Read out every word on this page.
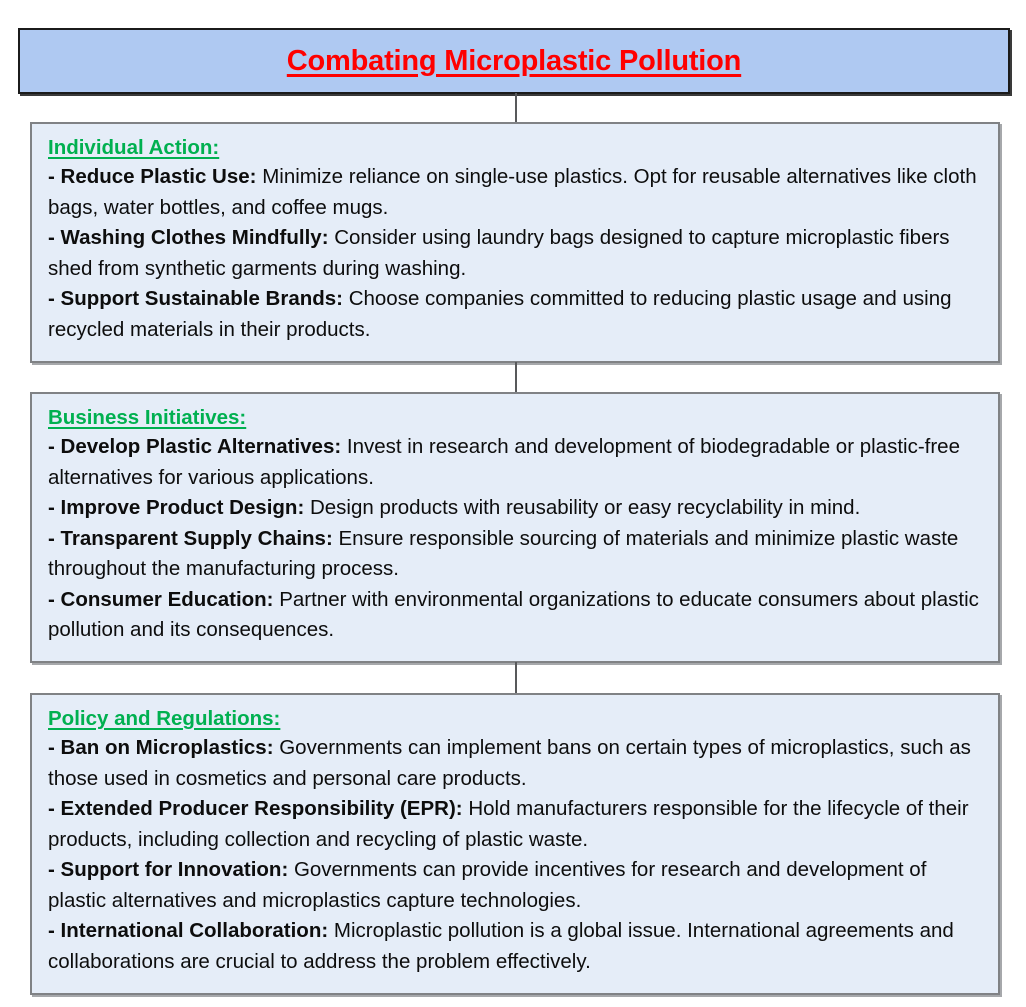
Combating Microplastic Pollution
Individual Action:
- Reduce Plastic Use: Minimize reliance on single-use plastics. Opt for reusable alternatives like cloth bags, water bottles, and coffee mugs.
- Washing Clothes Mindfully: Consider using laundry bags designed to capture microplastic fibers shed from synthetic garments during washing.
- Support Sustainable Brands: Choose companies committed to reducing plastic usage and using recycled materials in their products.
Business Initiatives:
- Develop Plastic Alternatives: Invest in research and development of biodegradable or plastic-free alternatives for various applications.
- Improve Product Design: Design products with reusability or easy recyclability in mind.
- Transparent Supply Chains: Ensure responsible sourcing of materials and minimize plastic waste throughout the manufacturing process.
- Consumer Education: Partner with environmental organizations to educate consumers about plastic pollution and its consequences.
Policy and Regulations:
- Ban on Microplastics: Governments can implement bans on certain types of microplastics, such as those used in cosmetics and personal care products.
- Extended Producer Responsibility (EPR): Hold manufacturers responsible for the lifecycle of their products, including collection and recycling of plastic waste.
- Support for Innovation: Governments can provide incentives for research and development of plastic alternatives and microplastics capture technologies.
- International Collaboration: Microplastic pollution is a global issue. International agreements and collaborations are crucial to address the problem effectively.
